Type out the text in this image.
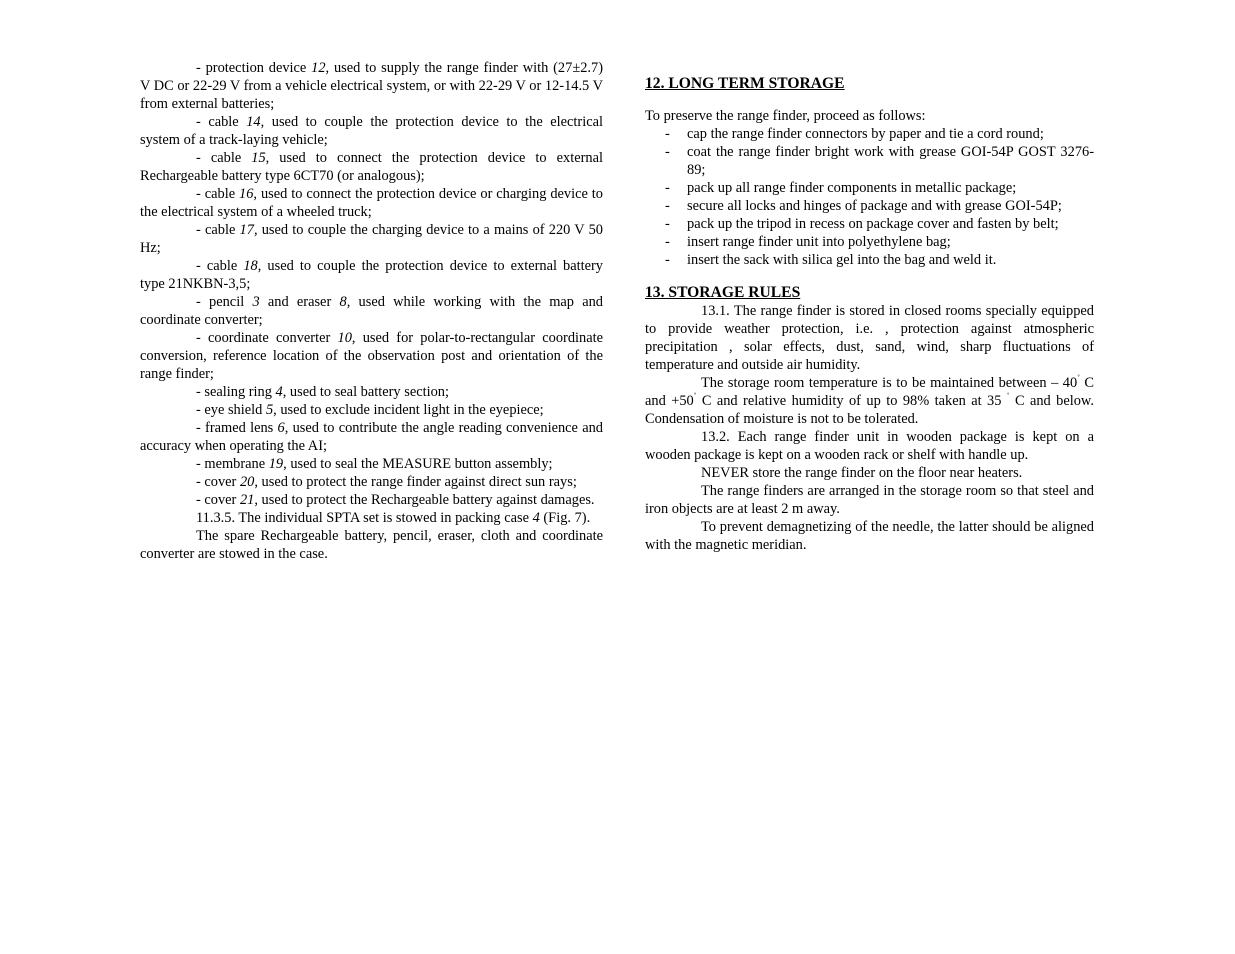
- protection device 12, used to supply the range finder with (27±2.7) V DC or 22-29 V from a vehicle electrical system, or with 22-29 V or 12-14.5 V from external batteries;

- cable 14, used to couple the protection device to the electrical system of a track-laying vehicle;

- cable 15, used to connect the protection device to external Rechargeable battery type 6CT70 (or analogous);

- cable 16, used to connect the protection device or charging device to the electrical system of a wheeled truck;

- cable 17, used to couple the charging device to a mains of 220 V 50 Hz;

- cable 18, used to couple the protection device to external battery type 21NKBN-3,5;

- pencil 3 and eraser 8, used while working with the map and coordinate converter;

- coordinate converter 10, used for polar-to-rectangular coordinate conversion, reference location of the observation post and orientation of the range finder;

- sealing ring 4, used to seal battery section;

- eye shield 5, used to exclude incident light in the eyepiece;

- framed lens 6, used to contribute the angle reading convenience and accuracy when operating the AI;

- membrane 19, used to seal the MEASURE button assembly;

- cover 20, used to protect the range finder against direct sun rays;

- cover 21, used to protect the Rechargeable battery against damages.

11.3.5. The individual SPTA set is stowed in packing case 4 (Fig. 7).

The spare Rechargeable battery, pencil, eraser, cloth and coordinate converter are stowed in the case.

12. LONG TERM STORAGE

To preserve the range finder, proceed as follows:

- cap the range finder connectors by paper and tie a cord round;
- coat the range finder bright work with grease GOI-54P GOST 3276-89;
- pack up all range finder components in metallic package;
- secure all locks and hinges of package and with grease GOI-54P;
- pack up the tripod in recess on package cover and fasten by belt;
- insert range finder unit into polyethylene bag;
- insert the sack with silica gel into the bag and weld it.
13. STORAGE RULES

13.1. The range finder is stored in closed rooms specially equipped to provide weather protection, i.e. , protection against atmospheric precipitation , solar effects, dust, sand, wind, sharp fluctuations of temperature and outside air humidity.

The storage room temperature is to be maintained between – 40˚ C and +50˚ C and relative humidity of up to 98% taken at 35 ˚ C and below. Condensation of moisture is not to be tolerated.

13.2. Each range finder unit in wooden package is kept on a wooden package is kept on a wooden rack or shelf with handle up.

NEVER store the range finder on the floor near heaters.

The range finders are arranged in the storage room so that steel and iron objects are at least 2 m away.

To prevent demagnetizing of the needle, the latter should be aligned with the magnetic meridian.
